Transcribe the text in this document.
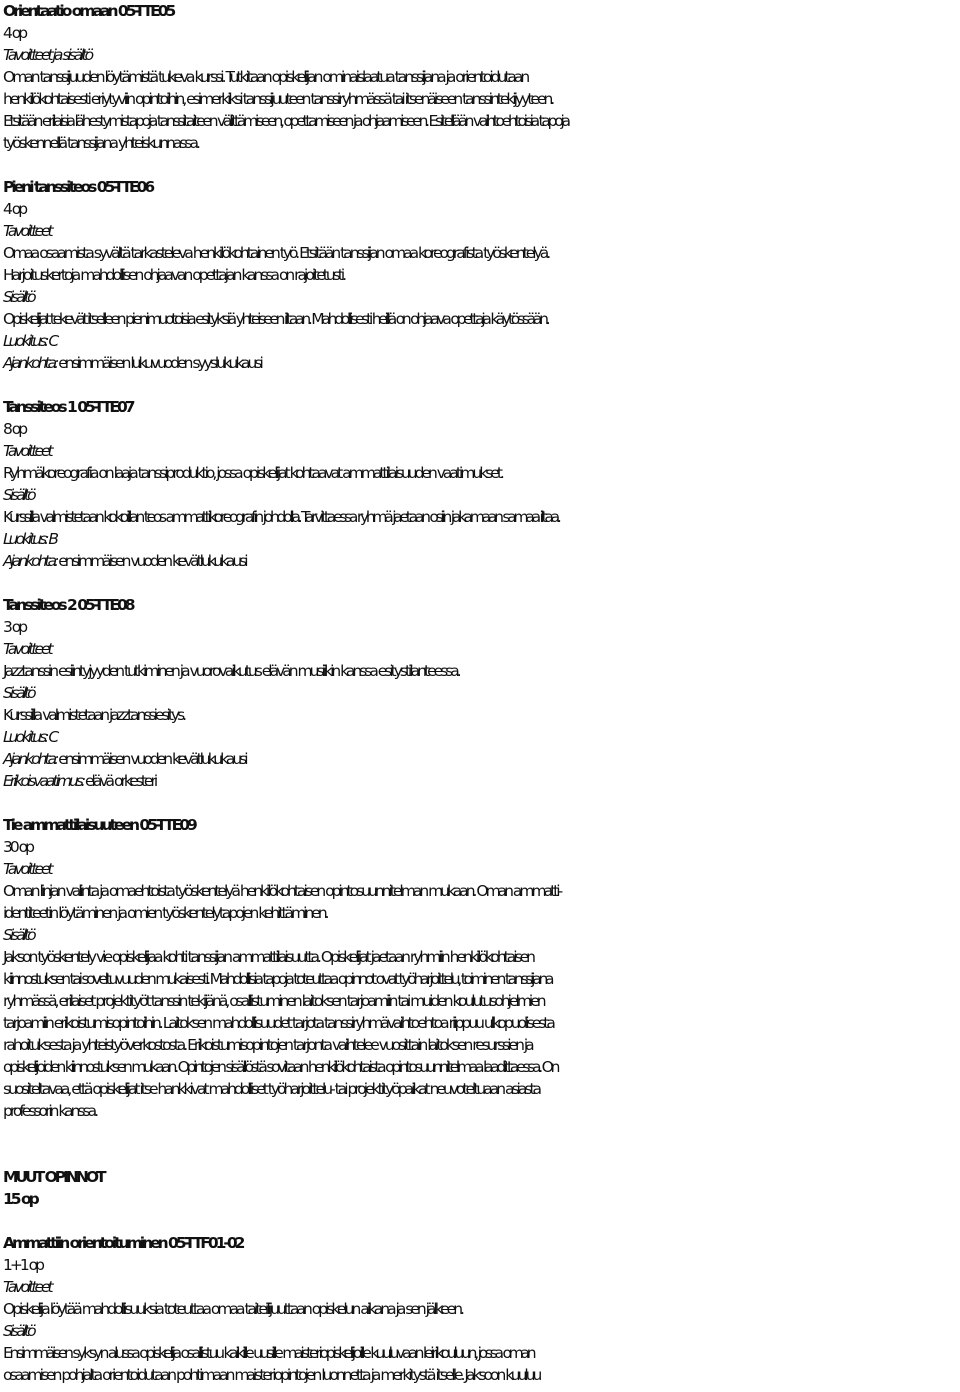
Orientaatio omaan 05-TTE05
4 op
Tavoitteet ja sisältö
Oman tanssijuuden löytämistä tukeva kurssi. Tutkitaan opiskelijan ominaislaatua tanssijana ja orientoidutaan
henkilökohtaisesti eriytyviin opintoihin, esimerkiksi tanssijuuteen tanssiryhmässä tai itsenäiseen tanssintekijyyteen.
Etsitään erilaisia lähestymistapoja tanssitaiteen välittämiseen, opettamiseen ja ohjaamiseen. Esitellään vaihtoehtoisia tapoja
työskennellä tanssijana yhteiskunnassa.
Pieni tanssiteos 05-TTE06
4 op
Tavoitteet
Omaa osaamista syvältä tarkasteleva henkilökohtainen työ. Etsitään tanssijan omaa koreografista työskentelyä.
Harjoituskertoja mahdollisen ohjaavan opettajan kanssa on rajoitetusti.
Sisältö
Opiskelijat tekevät itselleen pienimuotoisia esityksiä yhteiseen iltaan. Mahdollisesti heillä on ohjaava opettaja käytössään.
Luokitus: C
Ajankohta: ensimmäisen lukuvuoden syyslukukausi
Tanssiteos 1 05-TTE07
8 op
Tavoitteet
Ryhmäkoreografia on laaja tanssiproduktio, jossa opiskelijat kohtaavat ammattilaisuuden vaatimukset.
Sisältö
Kurssilla valmistetaan kokoillan teos ammattikoreografin johdolla. Tarvittaessa ryhmä jaetaan osiin jakamaan samaa iltaa.
Luokitus: B
Ajankohta: ensimmäisen vuoden kevätlukukausi
Tanssiteos 2 05-TTE08
3 op
Tavoitteet
Jazztanssin esiintyjyyden tutkiminen ja vuorovaikutus elävän musiikin kanssa esitystilanteessa.
Sisältö
Kurssilla valmistetaan jazztanssiesitys.
Luokitus: C
Ajankohta: ensimmäisen vuoden kevätlukukausi
Erikoisvaatimus: elävä orkesteri
Tie ammattilaisuuteen 05-TTE09
30 op
Tavoitteet
Oman linjan valinta ja omaehtoista työskentelyä henkilökohtaisen opintosuunnitelman mukaan. Oman ammatti-
identiteetin löytäminen ja omien työskentelytapojen kehittäminen.
Sisältö
Jakson työskentely vie opiskelijaa kohti tanssijan ammattilaisuutta. Opiskelijat jaetaan ryhmiin henkilökohtaisen
kiinnostuksen tai soveltuvuuden mukaisesti. Mahdollisia tapoja toteuttaa opinnot ovat työharjoittelu, toiminen tanssijana
ryhmässä, erilaiset projektityöt tanssin tekijänä, osallistuminen laitoksen tarjoamiin tai muiden koulutusohjelmien
tarjoamiin erikoistumisopintoihin. Laitoksen mahdollisuudet tarjota tanssiryhmävaihtoehtoa riippuu ulkopuolisesta
rahoituksesta ja yhteistyöverkostosta. Erikoistumisopintojen tarjonta vaihtelee vuosittain laitoksen resurssien ja
opiskelijoiden kiinnostuksen mukaan. Opintojen sisällöstä sovitaan henkilökohtaista opintosuunnitelmaa laadittaessa. On
suositeltavaa, että opiskelijat itse hankkivat mahdolliset työharjoittelu- tai projektityöpaikat neuvoteltuaan asiasta
professorin kanssa.
MUUT OPINNOT
15 op
Ammattiin orientoituminen 05-TTF01-02
1+1 op
Tavoitteet
Opiskelija löytää mahdollisuuksia toteuttaa omaa taiteilijuuttaan opiskelun aikana ja sen jälkeen.
Sisältö
Ensimmäisen syksyn alussa opiskelija osallistuu kaikille uusille maisteriopiskelijoille kuuluvaan leirikouluun, jossa oman
osaamisen pohjalta orientoidutaan pohtimaan maisteriopintojen luonnetta ja merkitystä itselle. Jaksoon kuuluu
